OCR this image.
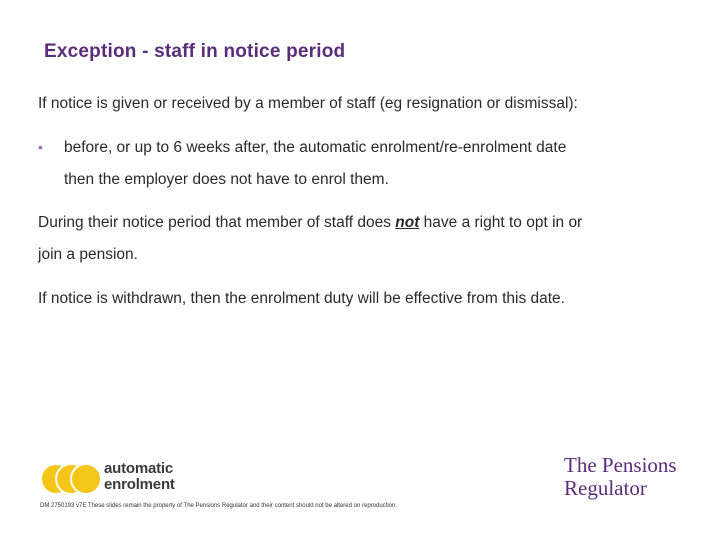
Exception - staff in notice period
If notice is given or received by a member of staff (eg resignation or dismissal):
• before, or up to 6 weeks after, the automatic enrolment/re-enrolment date
then the employer does not have to enrol them.
During their notice period that member of staff does not have a right to opt in or
join a pension.
If notice is withdrawn, then the enrolment duty will be effective from this date.
automatic
enrolment
The Pensions
Regulator
DM 2750193 v7E These slides remain the property of The Pensions Regulator and their content should not be altered on reproduction.
